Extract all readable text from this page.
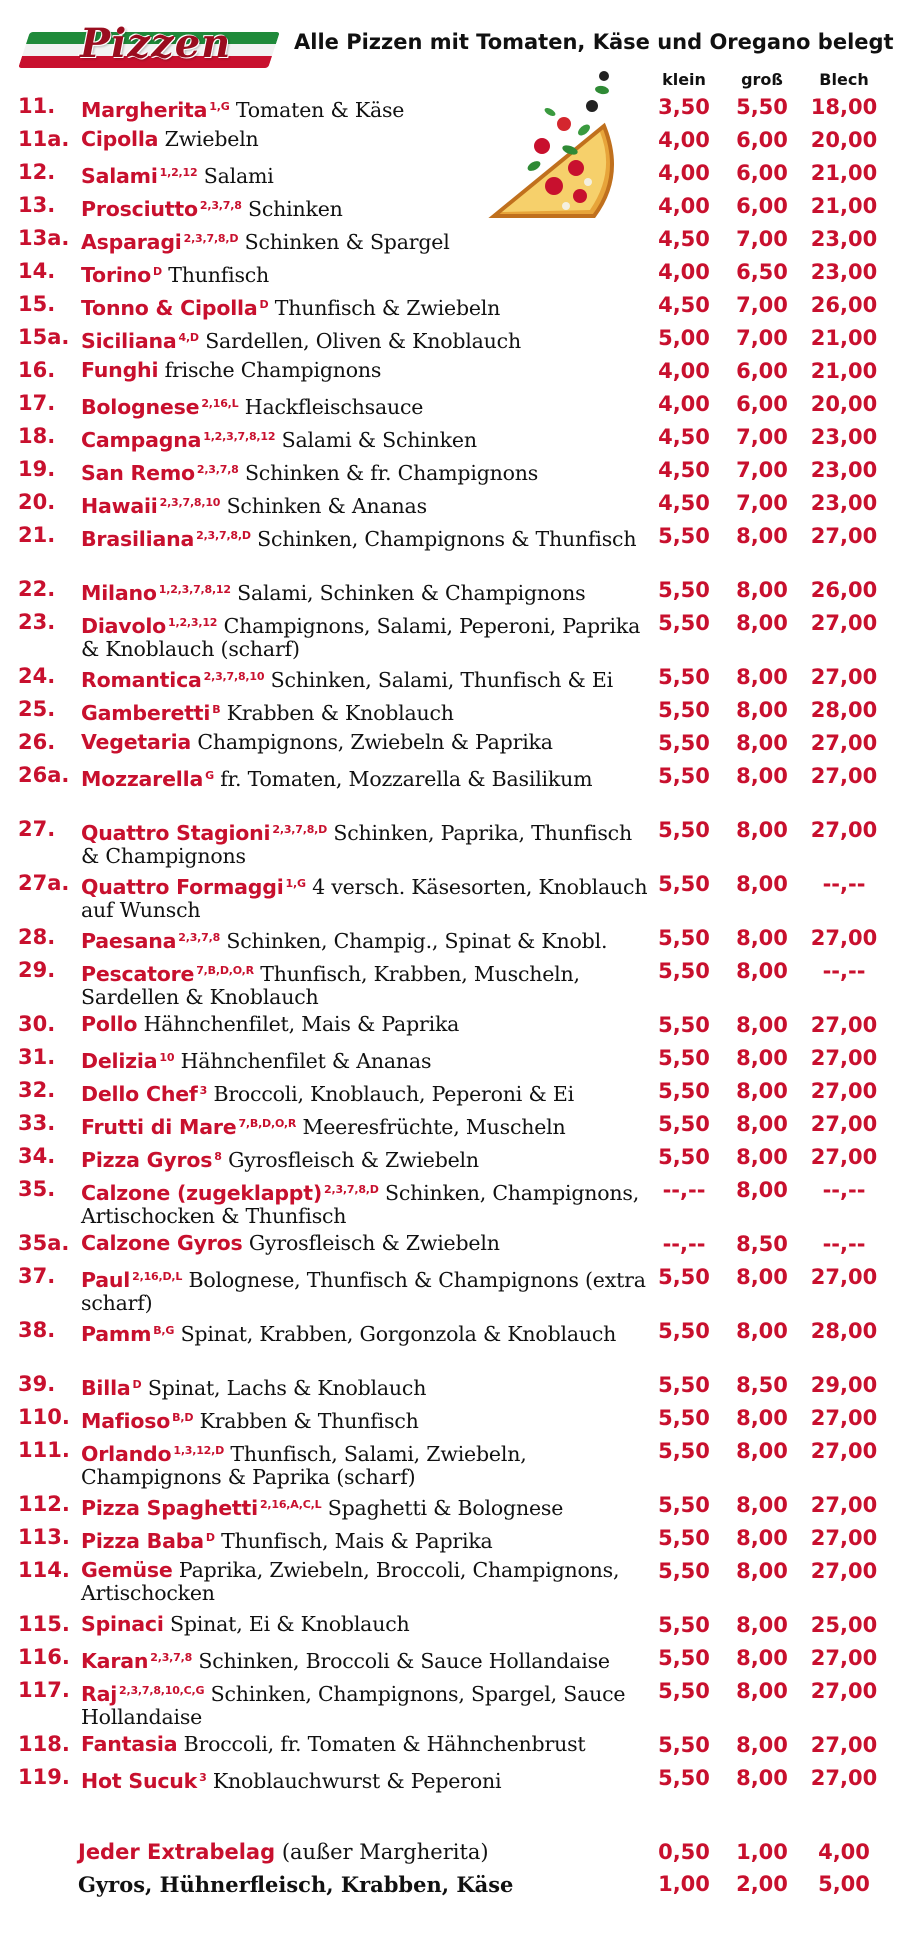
Pizzen	Alle Pizzen mit Tomaten, Käse und Oregano belegt
klein	groß	Blech
11. Margherita $^{1,G}$ Tomaten & Käse	3,50	5,50	18,00
11a. Cipolla Zwiebeln	4,00	6,00	20,00
12. Salami $^{1,2,12}$ Salami	4,00	6,00	21,00
13. Prosciutto $^{2,3,7,8}$ Schinken	4,00	6,00	21,00
13a. Asparagi $^{2,3,7,8,D}$ Schinken & Spargel	4,50	7,00	23,00
14. Torino $^D$ Thunfisch	4,00	6,50	23,00
15. Tonno & Cipolla $^D$ Thunfisch & Zwiebeln	4,50	7,00	26,00
15a. Siciliana $^{4,D}$ Sardellen, Oliven & Knoblauch	5,00	7,00	21,00
16. Funghi frische Champignons	4,00	6,00	21,00
17. Bolognese $^{2,16,L}$ Hackfleischsauce	4,00	6,00	20,00
18. Campagna $^{1,2,3,7,8,12}$ Salami & Schinken	4,50	7,00	23,00
19. San Remo $^{2,3,7,8}$ Schinken & fr. Champignons	4,50	7,00	23,00
20. Hawaii $^{2,3,7,8,10}$ Schinken & Ananas	4,50	7,00	23,00
21. Brasiliana $^{2,3,7,8,D}$ Schinken, Champignons & Thunfisch	5,50	8,00	27,00
22. Milano $^{1,2,3,7,8,12}$ Salami, Schinken & Champignons	5,50	8,00	26,00
23. Diavolo $^{1,2,3,12}$ Champignons, Salami, Peperoni, Paprika & Knoblauch (scharf)
5,50	8,00	27,00
24. Romantica $^{2,3,7,8,10}$ Schinken, Salami, Thunfisch & Ei	5,50	8,00	27,00
25. Gamberetti $^B$ Krabben & Knoblauch	5,50	8,00	28,00
26. Vegetaria Champignons, Zwiebeln & Paprika	5,50	8,00	27,00
26a. Mozzarella $^G$ fr. Tomaten, Mozzarella & Basilikum	5,50	8,00	27,00
27. Quattro Stagioni $^{2,3,7,8,D}$ Schinken, Paprika, Thunfisch & Champignons
5,50	8,00	27,00
27a. Quattro Formaggi $^{1,G}$ 4 versch. Käsesorten, Knoblauch auf Wunsch
5,50	8,00	--,--
28. Paesana $^{2,3,7,8}$ Schinken, Champig., Spinat & Knobl.	5,50	8,00	27,00
29. Pescatore $^{7,B,D,O,R}$ Thunfisch, Krabben, Muscheln, Sardellen & Knoblauch
5,50	8,00	--,--
30. Pollo Hähnchenfilet, Mais & Paprika	5,50	8,00	27,00
31. Delizia $^{10}$ Hähnchenfilet & Ananas	5,50	8,00	27,00
32. Dello Chef $^3$ Broccoli, Knoblauch, Peperoni & Ei	5,50	8,00	27,00
33. Frutti di Mare $^{7,B,D,O,R}$ Meeresfrüchte, Muscheln	5,50	8,00	27,00
34. Pizza Gyros $^8$ Gyrosfleisch & Zwiebeln	5,50	8,00	27,00
35. Calzone (zugeklappt) $^{2,3,7,8,D}$ Schinken, Champignons, Artischocken & Thunfisch
--,--	8,00	--,--
35a. Calzone Gyros Gyrosfleisch & Zwiebeln	--,--	8,50	--,--
37. Paul $^{2,16,D,L}$ Bolognese, Thunfisch & Champignons (extra scharf)
5,50	8,00	27,00
38. Pamm $^{B,G}$ Spinat, Krabben, Gorgonzola & Knoblauch	5,50	8,00	28,00
39. Billa $^D$ Spinat, Lachs & Knoblauch	5,50	8,50	29,00
110. Mafioso $^{B,D}$ Krabben & Thunfisch	5,50	8,00	27,00
111. Orlando $^{1,3,12,D}$ Thunfisch, Salami, Zwiebeln, Champignons & Paprika (scharf)
5,50	8,00	27,00
112. Pizza Spaghetti $^{2,16,A,C,L}$ Spaghetti & Bolognese	5,50	8,00	27,00
113. Pizza Baba $^D$ Thunfisch, Mais & Paprika	5,50	8,00	27,00
114. Gemüse Paprika, Zwiebeln, Broccoli, Champignons, Artischocken
5,50	8,00	27,00
115. Spinaci Spinat, Ei & Knoblauch	5,50	8,00	25,00
116. Karan $^{2,3,7,8}$ Schinken, Broccoli & Sauce Hollandaise	5,50	8,00	27,00
117. Raj $^{2,3,7,8,10,C,G}$ Schinken, Champignons, Spargel, Sauce Hollandaise
5,50	8,00	27,00
118. Fantasia Broccoli, fr. Tomaten & Hähnchenbrust	5,50	8,00	27,00
119. Hot Sucuk $^3$ Knoblauchwurst & Peperoni	5,50	8,00	27,00
Jeder Extrabelag (außer Margherita)	0,50	1,00	4,00
Gyros, Hühnerfleisch, Krabben, Käse	1,00	2,00	5,00
